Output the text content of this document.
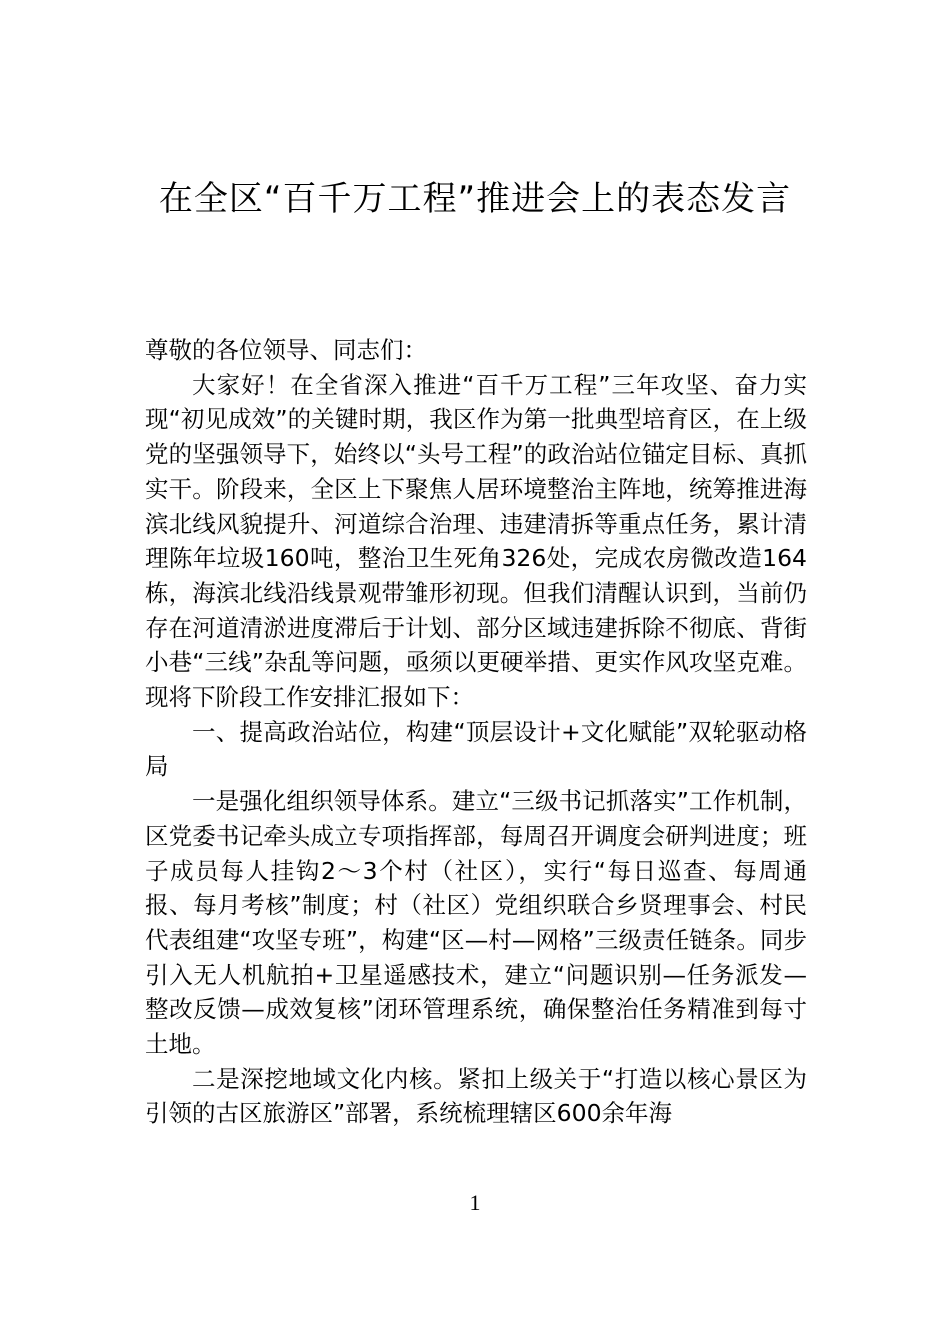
在全区“百千万工程”推进会上的表态发言

尊敬的各位领导、同志们：

大家好！在全省深入推进“百千万工程”三年攻坚、奋力实现“初见成效”的关键时期，我区作为第一批典型培育区，在上级党的坚强领导下，始终以“头号工程”的政治站位锚定目标、真抓实干。阶段来，全区上下聚焦人居环境整治主阵地，统筹推进海滨北线风貌提升、河道综合治理、违建清拆等重点任务，累计清理陈年垃圾160吨，整治卫生死角326处，完成农房微改造164栋，海滨北线沿线景观带雏形初现。但我们清醒认识到，当前仍存在河道清淤进度滞后于计划、部分区域违建拆除不彻底、背街小巷“三线”杂乱等问题，亟须以更硬举措、更实作风攻坚克难。现将下阶段工作安排汇报如下：

一、提高政治站位，构建“顶层设计+文化赋能”双轮驱动格局

一是强化组织领导体系。建立“三级书记抓落实”工作机制，区党委书记牵头成立专项指挥部，每周召开调度会研判进度；班子成员每人挂钩2～3个村（社区），实行“每日巡查、每周通报、每月考核”制度；村（社区）党组织联合乡贤理事会、村民代表组建“攻坚专班”，构建“区—村—网格”三级责任链条。同步引入无人机航拍+卫星遥感技术，建立“问题识别—任务派发—整改反馈—成效复核”闭环管理系统，确保整治任务精准到每寸土地。

二是深挖地域文化内核。紧扣上级关于“打造以核心景区为引领的古区旅游区”部署，系统梳理辖区600余年海

1
